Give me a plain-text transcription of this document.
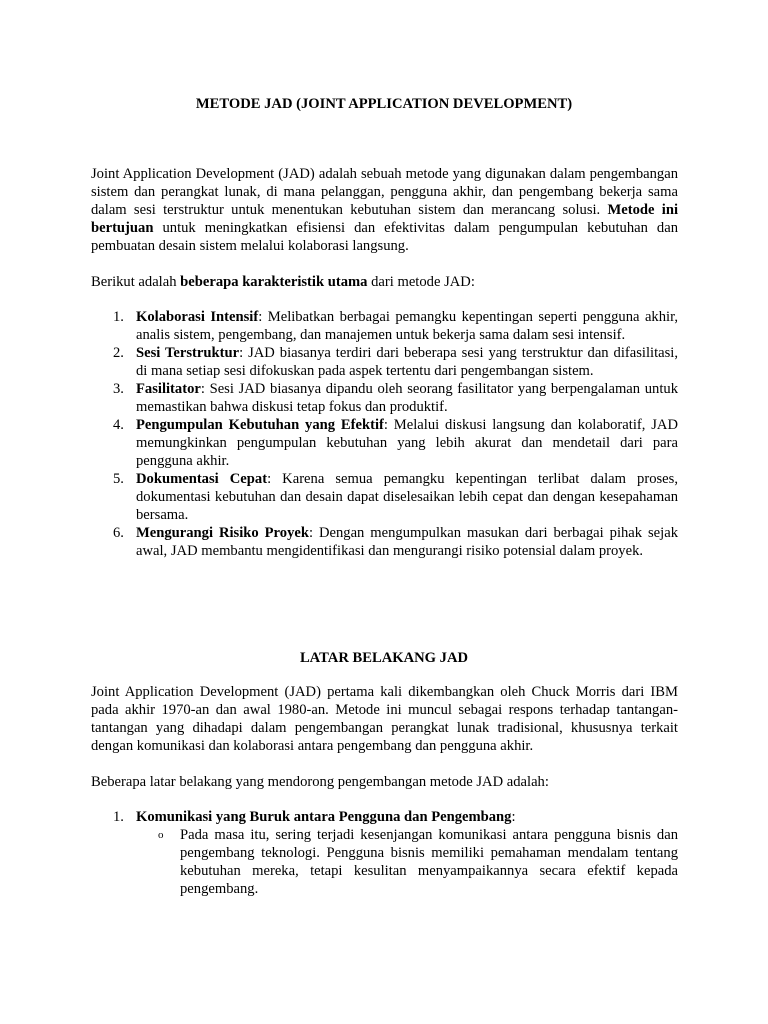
METODE JAD (JOINT APPLICATION DEVELOPMENT)

Joint Application Development (JAD) adalah sebuah metode yang digunakan dalam pengembangan sistem dan perangkat lunak, di mana pelanggan, pengguna akhir, dan pengembang bekerja sama dalam sesi terstruktur untuk menentukan kebutuhan sistem dan merancang solusi. Metode ini bertujuan untuk meningkatkan efisiensi dan efektivitas dalam pengumpulan kebutuhan dan pembuatan desain sistem melalui kolaborasi langsung.

Berikut adalah beberapa karakteristik utama dari metode JAD:

1. Kolaborasi Intensif: Melibatkan berbagai pemangku kepentingan seperti pengguna akhir, analis sistem, pengembang, dan manajemen untuk bekerja sama dalam sesi intensif.
2. Sesi Terstruktur: JAD biasanya terdiri dari beberapa sesi yang terstruktur dan difasilitasi, di mana setiap sesi difokuskan pada aspek tertentu dari pengembangan sistem.
3. Fasilitator: Sesi JAD biasanya dipandu oleh seorang fasilitator yang berpengalaman untuk memastikan bahwa diskusi tetap fokus dan produktif.
4. Pengumpulan Kebutuhan yang Efektif: Melalui diskusi langsung dan kolaboratif, JAD memungkinkan pengumpulan kebutuhan yang lebih akurat dan mendetail dari para pengguna akhir.
5. Dokumentasi Cepat: Karena semua pemangku kepentingan terlibat dalam proses, dokumentasi kebutuhan dan desain dapat diselesaikan lebih cepat dan dengan kesepahaman bersama.
6. Mengurangi Risiko Proyek: Dengan mengumpulkan masukan dari berbagai pihak sejak awal, JAD membantu mengidentifikasi dan mengurangi risiko potensial dalam proyek.
LATAR BELAKANG JAD

Joint Application Development (JAD) pertama kali dikembangkan oleh Chuck Morris dari IBM pada akhir 1970-an dan awal 1980-an. Metode ini muncul sebagai respons terhadap tantangan-tantangan yang dihadapi dalam pengembangan perangkat lunak tradisional, khususnya terkait dengan komunikasi dan kolaborasi antara pengembang dan pengguna akhir.

Beberapa latar belakang yang mendorong pengembangan metode JAD adalah:

1. Komunikasi yang Buruk antara Pengguna dan Pengembang:
o Pada masa itu, sering terjadi kesenjangan komunikasi antara pengguna bisnis dan pengembang teknologi. Pengguna bisnis memiliki pemahaman mendalam tentang kebutuhan mereka, tetapi kesulitan menyampaikannya secara efektif kepada pengembang.
